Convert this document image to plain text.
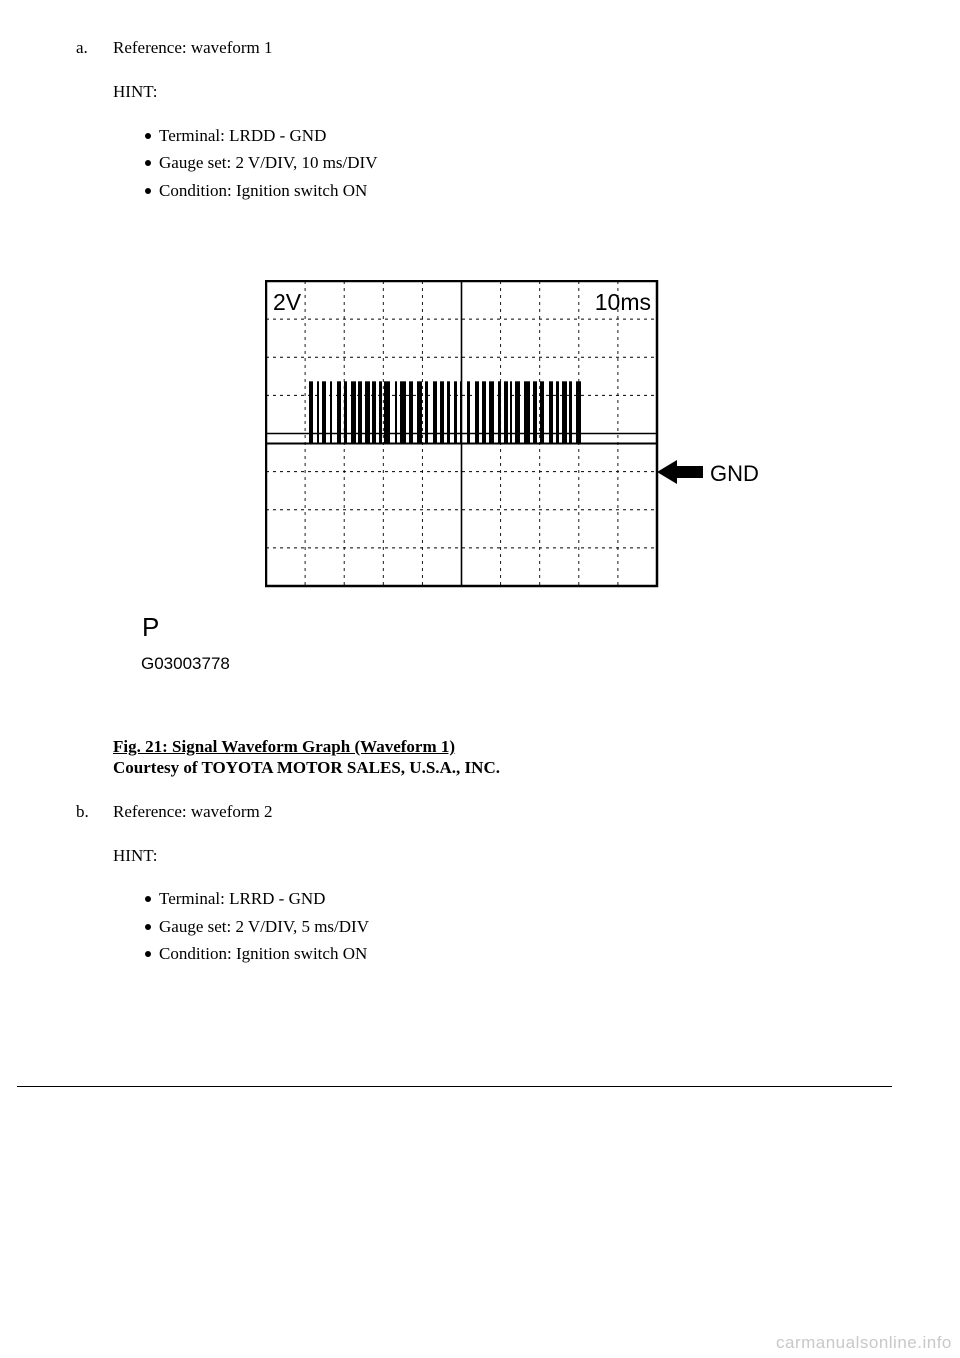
a. Reference: waveform 1
HINT:
Terminal: LRDD - GND
Gauge set: 2 V/DIV, 10 ms/DIV
Condition: Ignition switch ON
2V	10ms
GND
P
G03003778
Fig. 21: Signal Waveform Graph (Waveform 1)
Courtesy of TOYOTA MOTOR SALES, U.S.A., INC.
b. Reference: waveform 2
HINT:
Terminal: LRRD - GND
Gauge set: 2 V/DIV, 5 ms/DIV
Condition: Ignition switch ON
carmanualsonline.info
